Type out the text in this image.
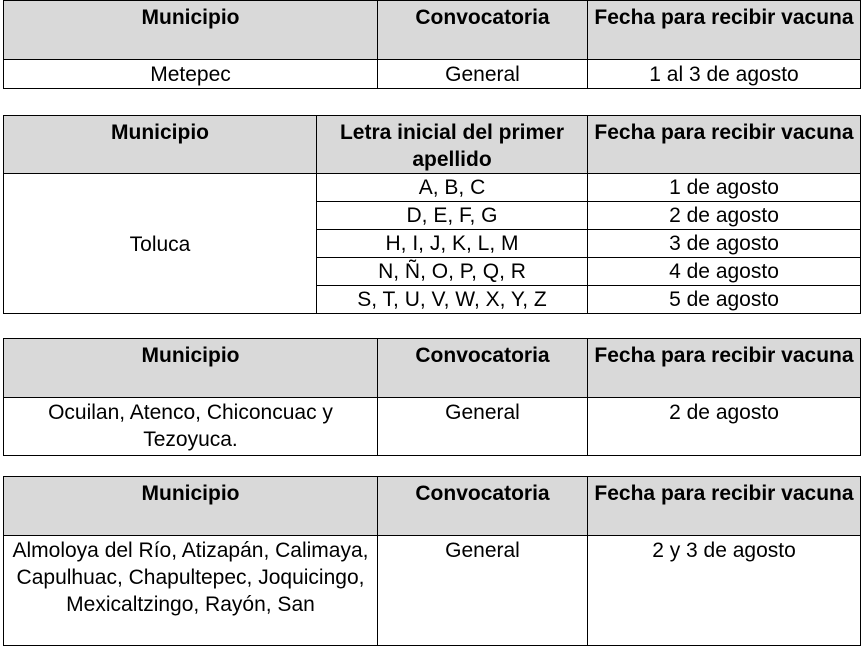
Municipio	Convocatoria	Fecha para recibir vacuna
Metepec	General	1 al 3 de agosto
Municipio	Letra inicial del primer apellido	Fecha para recibir vacuna
Toluca	A, B, C	1 de agosto
	D, E, F, G	2 de agosto
	H, I, J, K, L, M	3 de agosto
	N, Ñ, O, P, Q, R	4 de agosto
	S, T, U, V, W, X, Y, Z	5 de agosto
Municipio	Convocatoria	Fecha para recibir vacuna
Ocuilan, Atenco, Chiconcuac y Tezoyuca.	General	2 de agosto
Municipio	Convocatoria	Fecha para recibir vacuna
Almoloya del Río, Atizapán, Calimaya, Capulhuac, Chapultepec, Joquicingo, Mexicaltzingo, Rayón, San	General	2 y 3 de agosto
